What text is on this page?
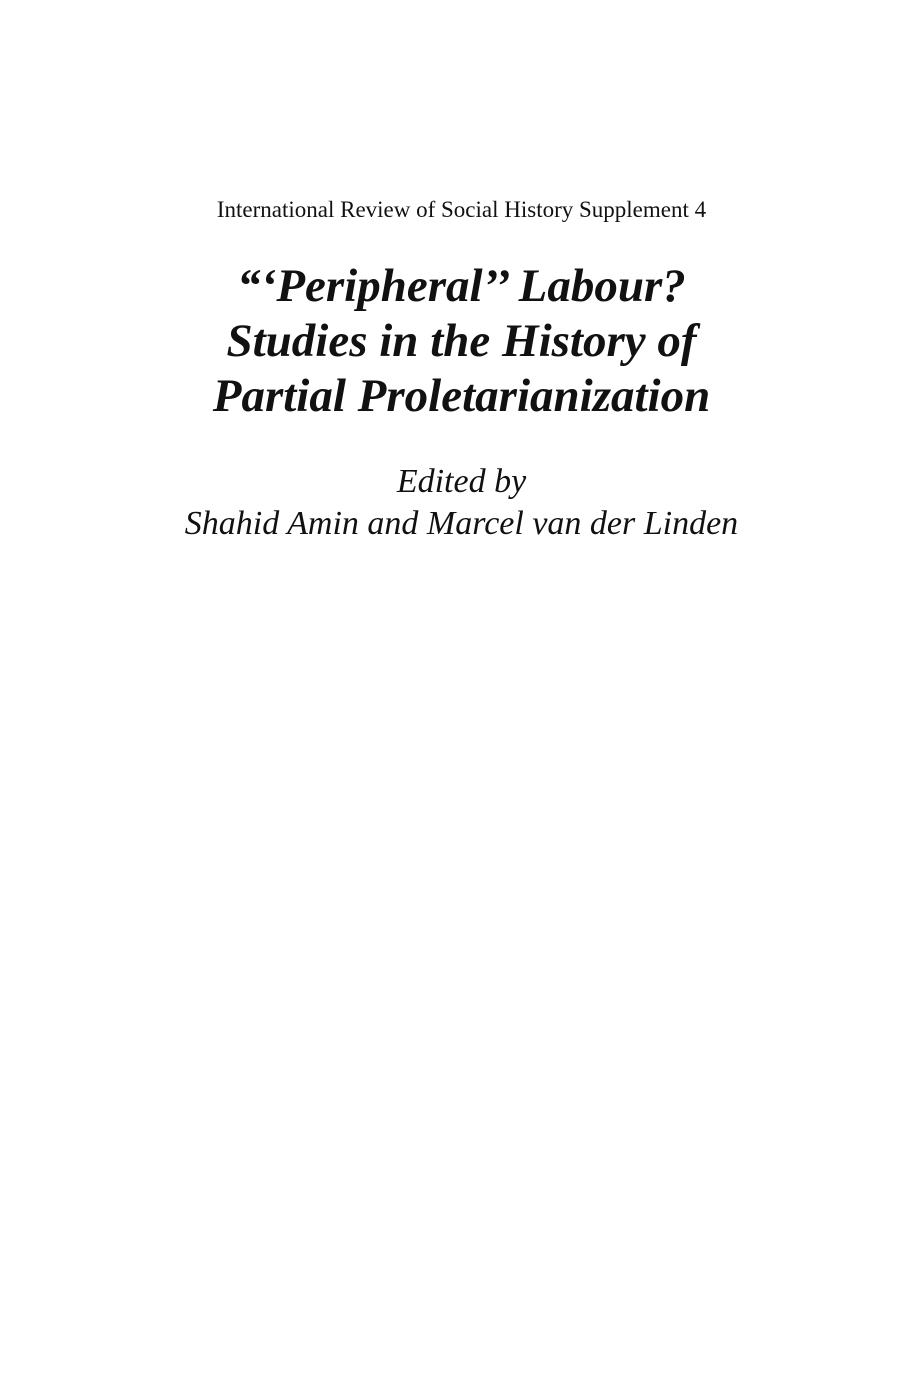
International Review of Social History Supplement 4
“‘Peripheral’’ Labour?
Studies in the History of
Partial Proletarianization
Edited by
Shahid Amin and Marcel van der Linden
